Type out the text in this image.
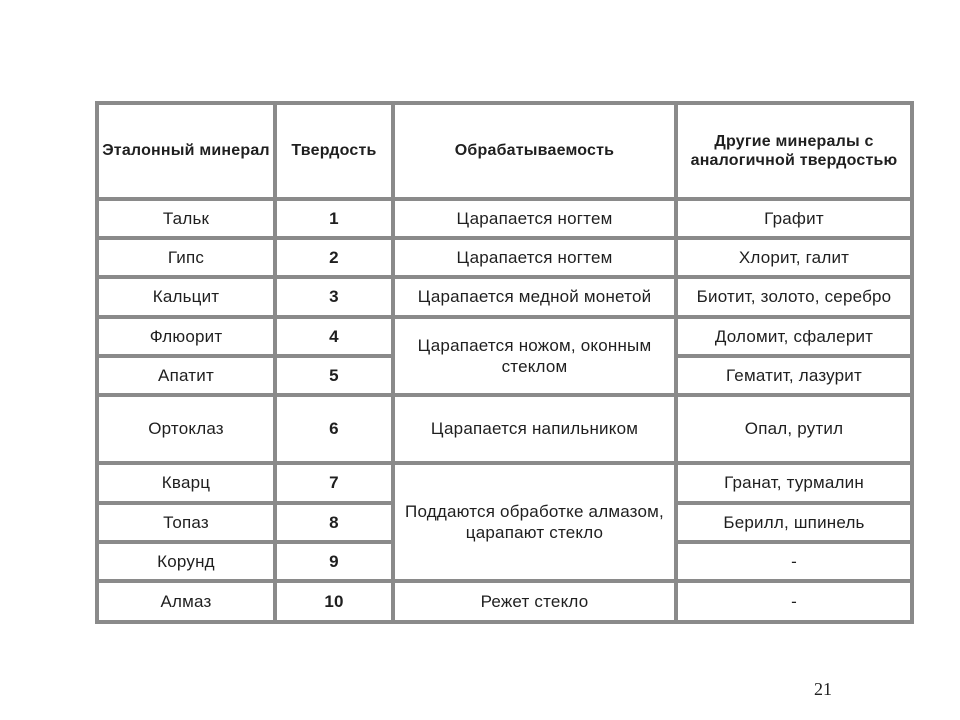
Эталонный минерал	Твердость	Обрабатываемость	Другие минералы с аналогичной твердостью
Тальк	1	Царапается ногтем	Графит
Гипс	2	Царапается ногтем	Хлорит, галит
Кальцит	3	Царапается медной монетой	Биотит, золото, серебро
Флюорит	4	Царапается ножом, оконным стеклом	Доломит, сфалерит
Апатит	5		Гематит, лазурит
Ортоклаз	6	Царапается напильником	Опал, рутил
Кварц	7	Поддаются обработке алмазом, царапают стекло	Гранат, турмалин
Топаз	8		Берилл, шпинель
Корунд	9		-
Алмаз	10	Режет стекло	-
21
